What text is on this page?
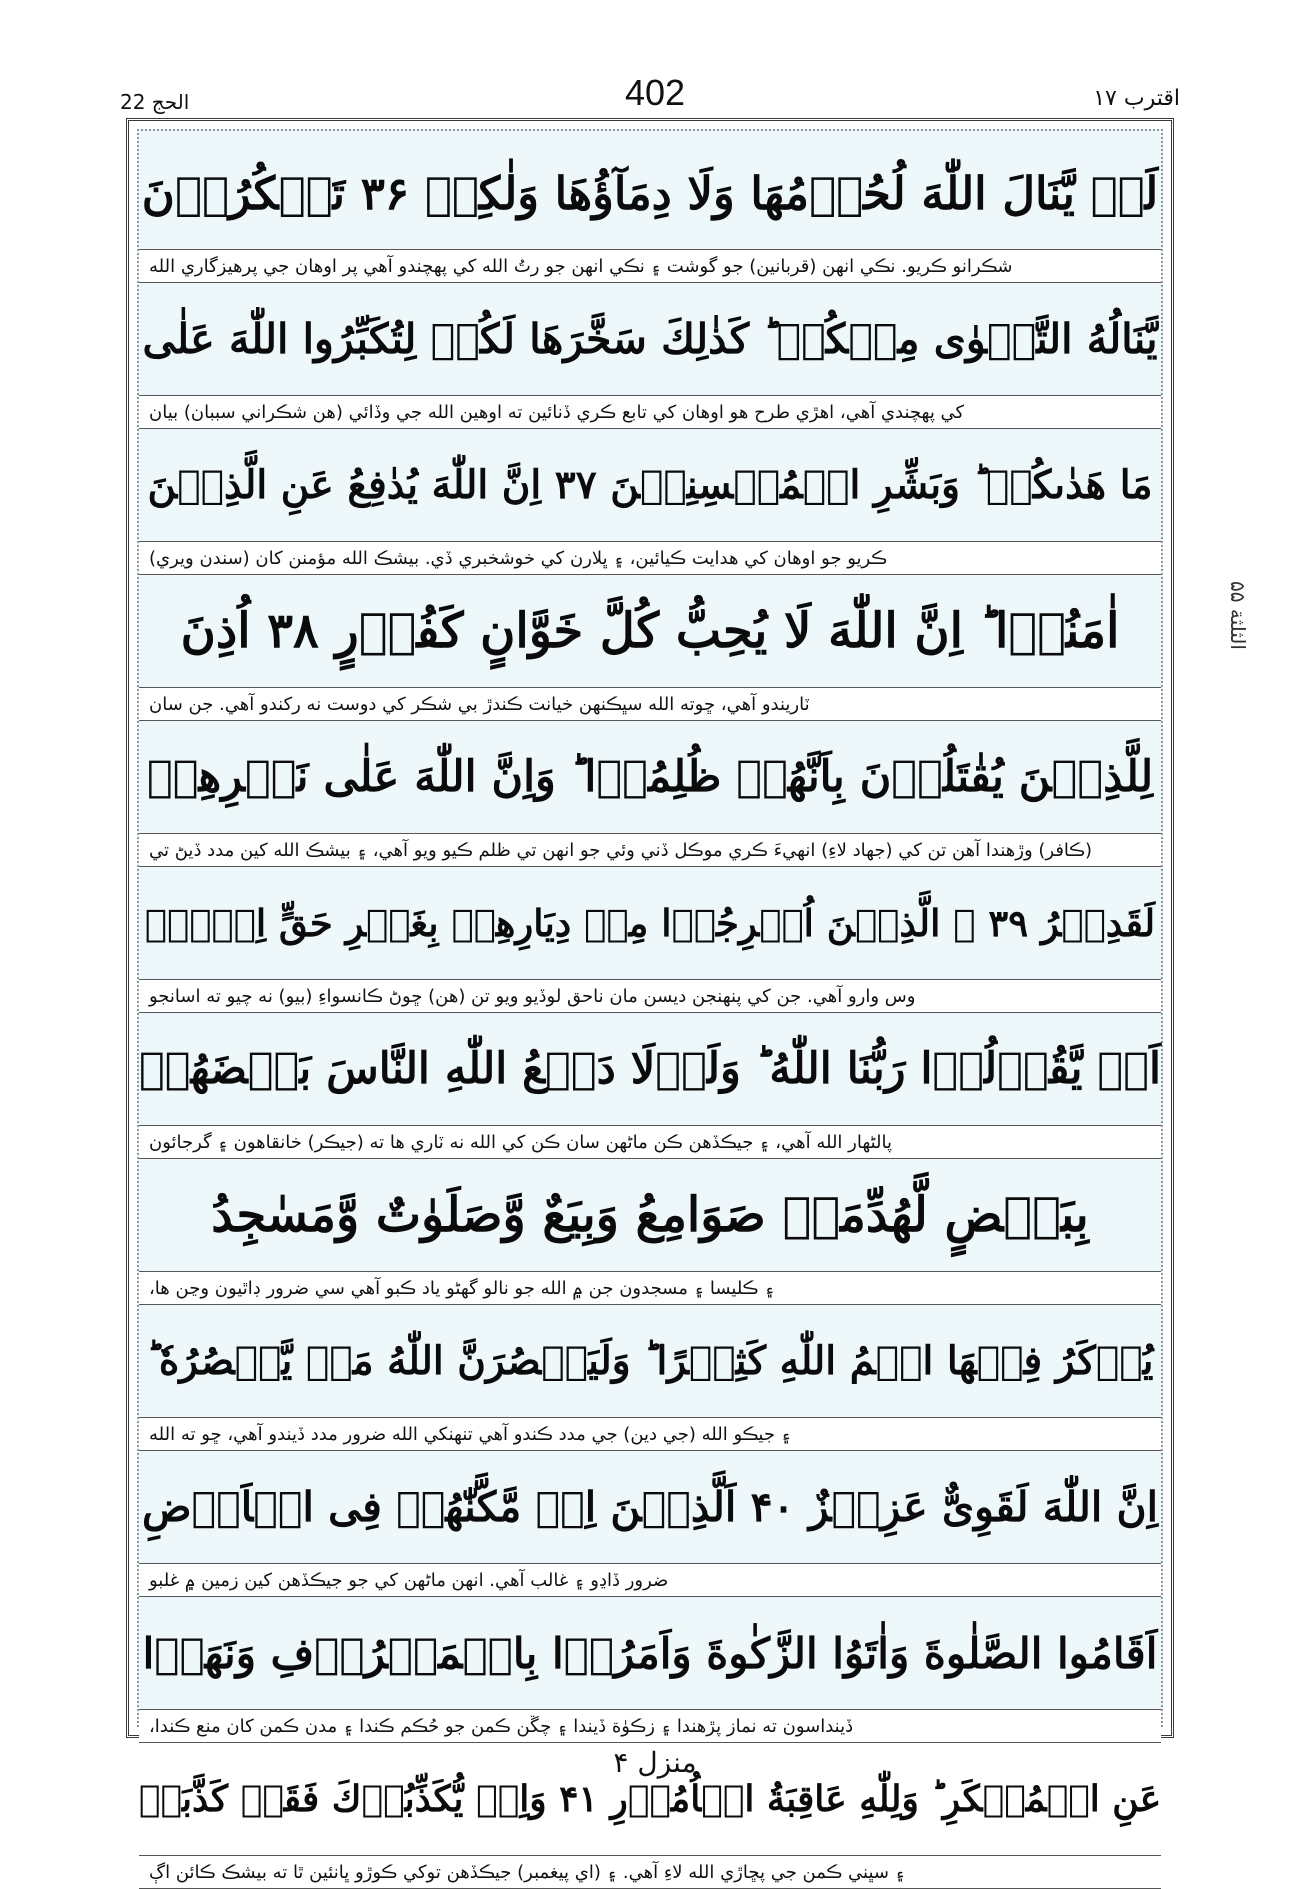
الحج 22	402	اقترب ١٧
الثلثة ۵۵
لَنۡ يَّنَالَ اللّٰهَ لُحُوۡمُهَا وَلَا دِمَآؤُهَا وَلٰكِنۡ ۳۶ تَشۡكُرُوۡنَ
شڪرانو ڪريو. نڪي انهن (قربانين) جو گوشت ۽ نڪي انهن جو رتُ الله کي پهچندو آهي پر اوهان جي پرهيزگاري الله
يَّنَالُهُ التَّقۡوٰى مِنۡكُمۡ ؕ كَذٰلِكَ سَخَّرَهَا لَكُمۡ لِتُكَبِّرُوا اللّٰهَ عَلٰى
کي پهچندي آهي، اهڙي طرح هو اوهان کي تابع ڪري ڏنائين ته اوهين الله جي وڏائي (هن شڪراني سببان) بيان
مَا هَدٰٮكُمۡ ؕ وَبَشِّرِ الۡمُحۡسِنِيۡنَ ۳۷ اِنَّ اللّٰهَ يُدٰفِعُ عَنِ الَّذِيۡنَ
ڪريو جو اوهان کي هدايت ڪيائين، ۽ ڀلارن کي خوشخبري ڏي. بيشڪ الله مؤمنن کان (سندن ويري)
اٰمَنُوۡا ؕ اِنَّ اللّٰهَ لَا يُحِبُّ كُلَّ خَوَّانٍ كَفُوۡرٍ ۳۸ اُذِنَ
ٽاريندو آهي، ڇوته الله سڀڪنهن خيانت ڪندڙ بي شڪر کي دوست نه رکندو آهي. جن سان
لِلَّذِيۡنَ يُقٰتَلُوۡنَ بِاَنَّهُمۡ ظُلِمُوۡا ؕ وَاِنَّ اللّٰهَ عَلٰى نَصۡرِهِمۡ
(ڪافر) وڙهندا آهن تن کي (جهاد لاءِ) انهيءَ ڪري موڪل ڏني وئي جو انهن تي ظلم ڪيو ويو آهي، ۽ بيشڪ الله کين مدد ڏيڻ تي
لَقَدِيۡرُ ۳۹ ۨ الَّذِيۡنَ اُخۡرِجُوۡا مِنۡ دِيَارِهِمۡ بِغَيۡرِ حَقٍّ اِلَّاۤ
وس وارو آهي. جن کي پنهنجن ديسن مان ناحق لوڏيو ويو تن (هن) ڇوڻ ڪانسواءِ (بيو) نه چيو ته اسانجو
اَنۡ يَّقُوۡلُوۡا رَبُّنَا اللّٰهُ ؕ وَلَوۡلَا دَفۡعُ اللّٰهِ النَّاسَ بَعۡضَهُمۡ
پالڻهار الله آهي، ۽ جيڪڏهن ڪن ماڻهن سان ڪن کي الله نه ٽاري ها ته (جيڪر) خانقاهون ۽ گرجائون
بِبَعۡضٍ لَّهُدِّمَتۡ صَوَامِعُ وَبِيَعٌ وَّصَلَوٰتٌ وَّمَسٰجِدُ
۽ ڪليسا ۽ مسجدون جن ۾ الله جو نالو گهڻو ياد ڪبو آهي سي ضرور ڊاٿيون وڃن ها،
يُذۡكَرُ فِيۡهَا اسۡمُ اللّٰهِ كَثِيۡرًا ؕ وَلَيَنۡصُرَنَّ اللّٰهُ مَنۡ يَّنۡصُرُهٗ ؕ
۽ جيڪو الله (جي دين) جي مدد ڪندو آهي تنهنکي الله ضرور مدد ڏيندو آهي، ڇو ته الله
اِنَّ اللّٰهَ لَقَوِىٌّ عَزِيۡزٌ ۴۰ اَلَّذِيۡنَ اِنۡ مَّكَّنّٰهُمۡ فِى الۡاَرۡضِ
ضرور ڏاڍو ۽ غالب آهي. انهن ماڻهن کي جو جيڪڏهن کين زمين ۾ غلبو
اَقَامُوا الصَّلٰوةَ وَاٰتَوُا الزَّكٰوةَ وَاَمَرُوۡا بِالۡمَعۡرُوۡفِ وَنَهَوۡا
ڏينداسون ته نماز پڙهندا ۽ زڪوٰة ڏيندا ۽ چڱن ڪمن جو حُڪم ڪندا ۽ مدن ڪمن کان منع ڪندا،
عَنِ الۡمُنۡكَرِ ؕ وَلِلّٰهِ عَاقِبَةُ الۡاُمُوۡرِ ۴۱ وَاِنۡ يُّكَذِّبُوۡكَ فَقَدۡ كَذَّبَتۡ
۽ سڀني ڪمن جي پڇاڙي الله لاءِ آهي. ۽ (اي پيغمبر) جيڪڏهن توکي ڪوڙو ڀانئين ٿا ته بيشڪ ڪائن اڳ
منزل ۴
